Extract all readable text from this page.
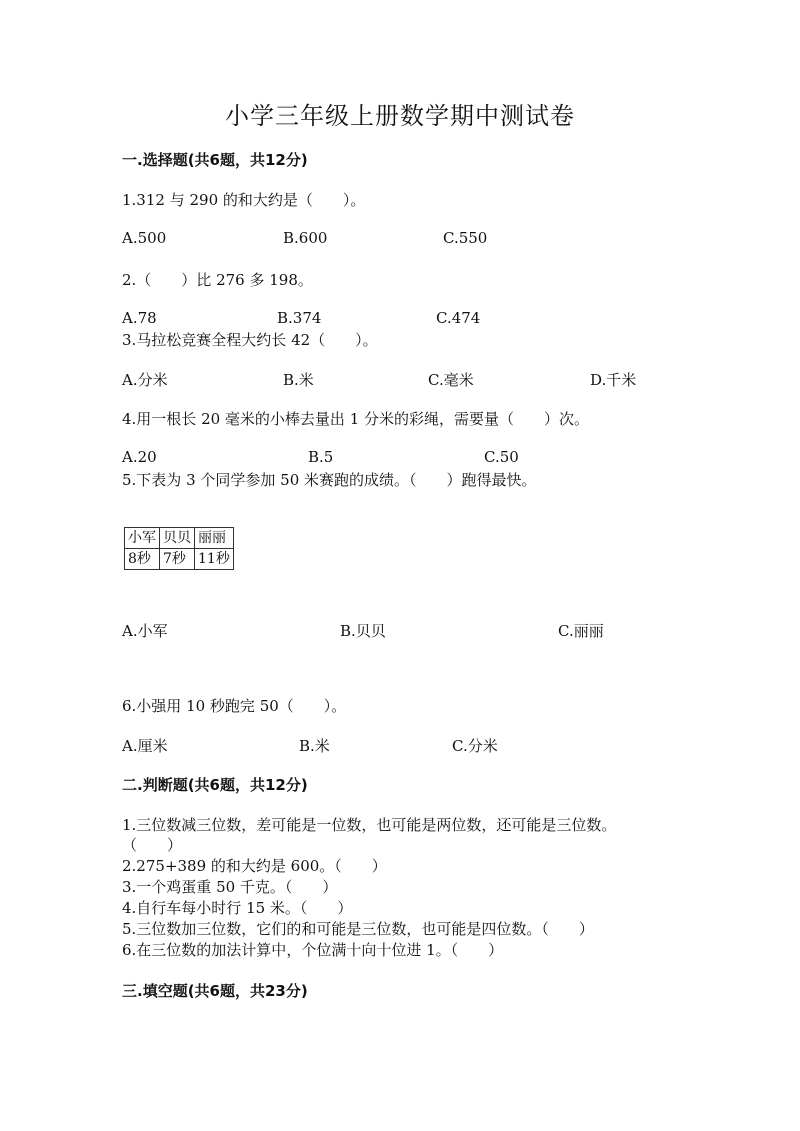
小学三年级上册数学期中测试卷
一.选择题(共6题，共12分)
1.312 与 290 的和大约是（　　）。
A.500	B.600	C.550
2.（　　）比 276 多 198。
A.78	B.374	C.474
3.马拉松竞赛全程大约长 42（　　）。
A.分米	B.米	C.毫米	D.千米
4.用一根长 20 毫米的小棒去量出 1 分米的彩绳，需要量（　　）次。
A.20	B.5	C.50
5.下表为 3 个同学参加 50 米赛跑的成绩。（　　）跑得最快。
小军	贝贝	丽丽
8秒	7秒	11秒
A.小军	B.贝贝	C.丽丽
6.小强用 10 秒跑完 50（　　）。
A.厘米	B.米	C.分米
二.判断题(共6题，共12分)
1.三位数减三位数，差可能是一位数，也可能是两位数，还可能是三位数。
（　　）
2.275+389 的和大约是 600。（　　）
3.一个鸡蛋重 50 千克。（　　）
4.自行车每小时行 15 米。（　　）
5.三位数加三位数，它们的和可能是三位数，也可能是四位数。（　　）
6.在三位数的加法计算中，个位满十向十位进 1。（　　）
三.填空题(共6题，共23分)
